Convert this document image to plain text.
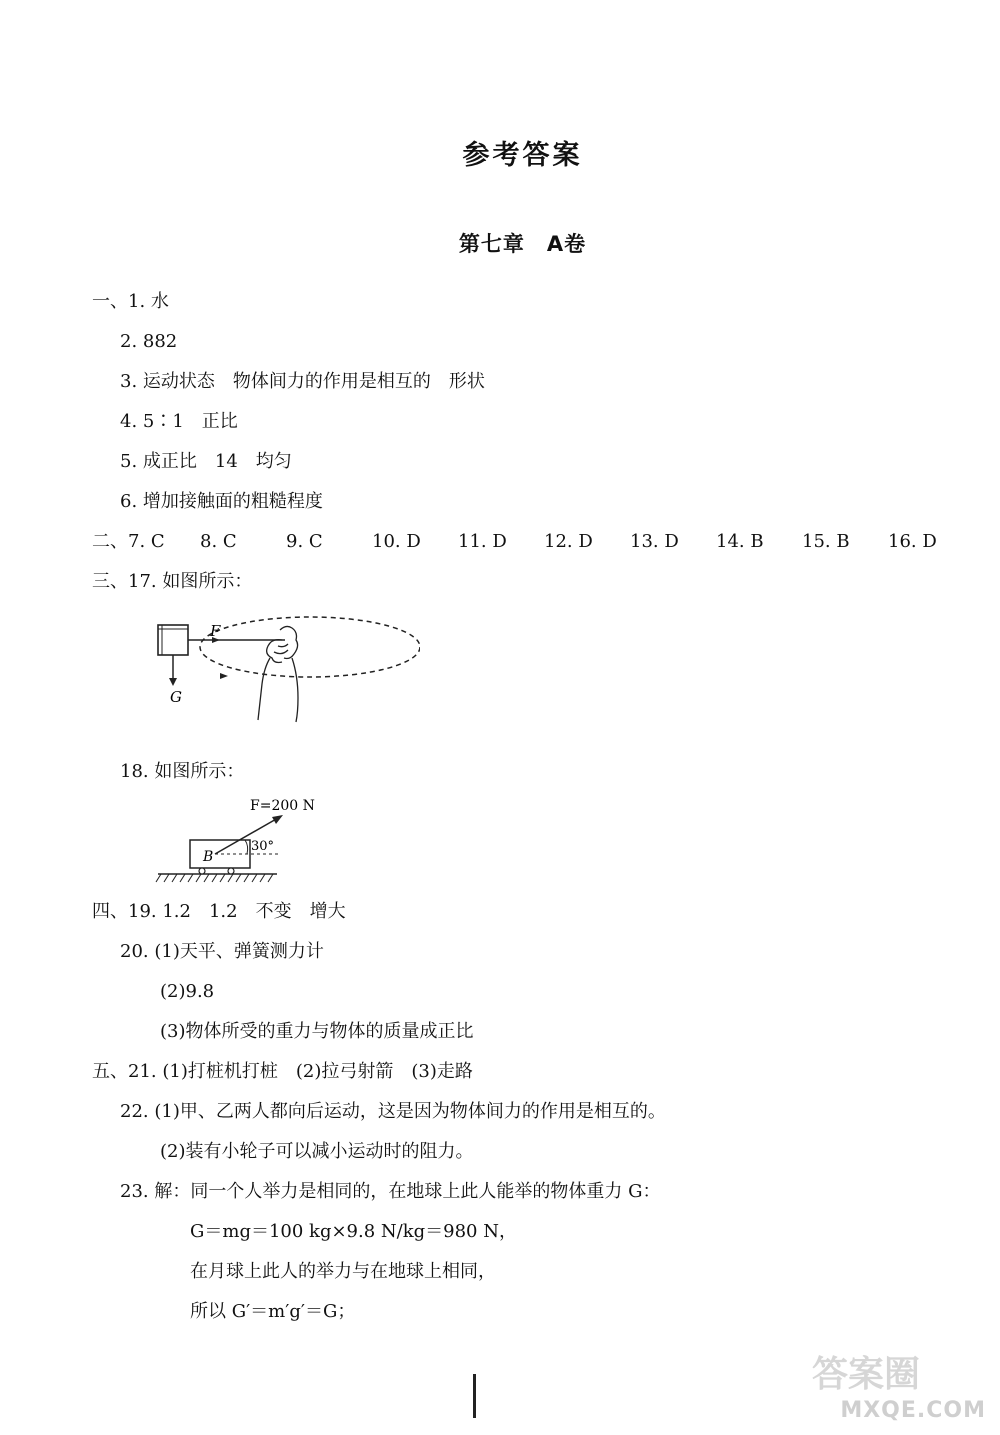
参考答案
第七章　A卷
一、1. 水
2. 882
3. 运动状态　物体间力的作用是相互的　形状
4. 5∶1　正比
5. 成正比　14　均匀
6. 增加接触面的粗糙程度
二、7. C 8. C	9. C	10. D 11. D 12. D 13. D 14. B 15. B 16. D
三、17. 如图所示：
F
G
18. 如图所示：
F=200 N
B
30°
四、19. 1.2　1.2　不变　增大
20. (1)天平、弹簧测力计
(2)9.8
(3)物体所受的重力与物体的质量成正比
五、21. (1)打桩机打桩　(2)拉弓射箭　(3)走路
22. (1)甲、乙两人都向后运动，这是因为物体间力的作用是相互的。
(2)装有小轮子可以减小运动时的阻力。
23. 解：同一个人举力是相同的，在地球上此人能举的物体重力 G：
G＝mg＝100 kg×9.8 N/kg＝980 N，
在月球上此人的举力与在地球上相同，
所以 G′＝m′g′＝G；
答案圈
MXQE.COM
